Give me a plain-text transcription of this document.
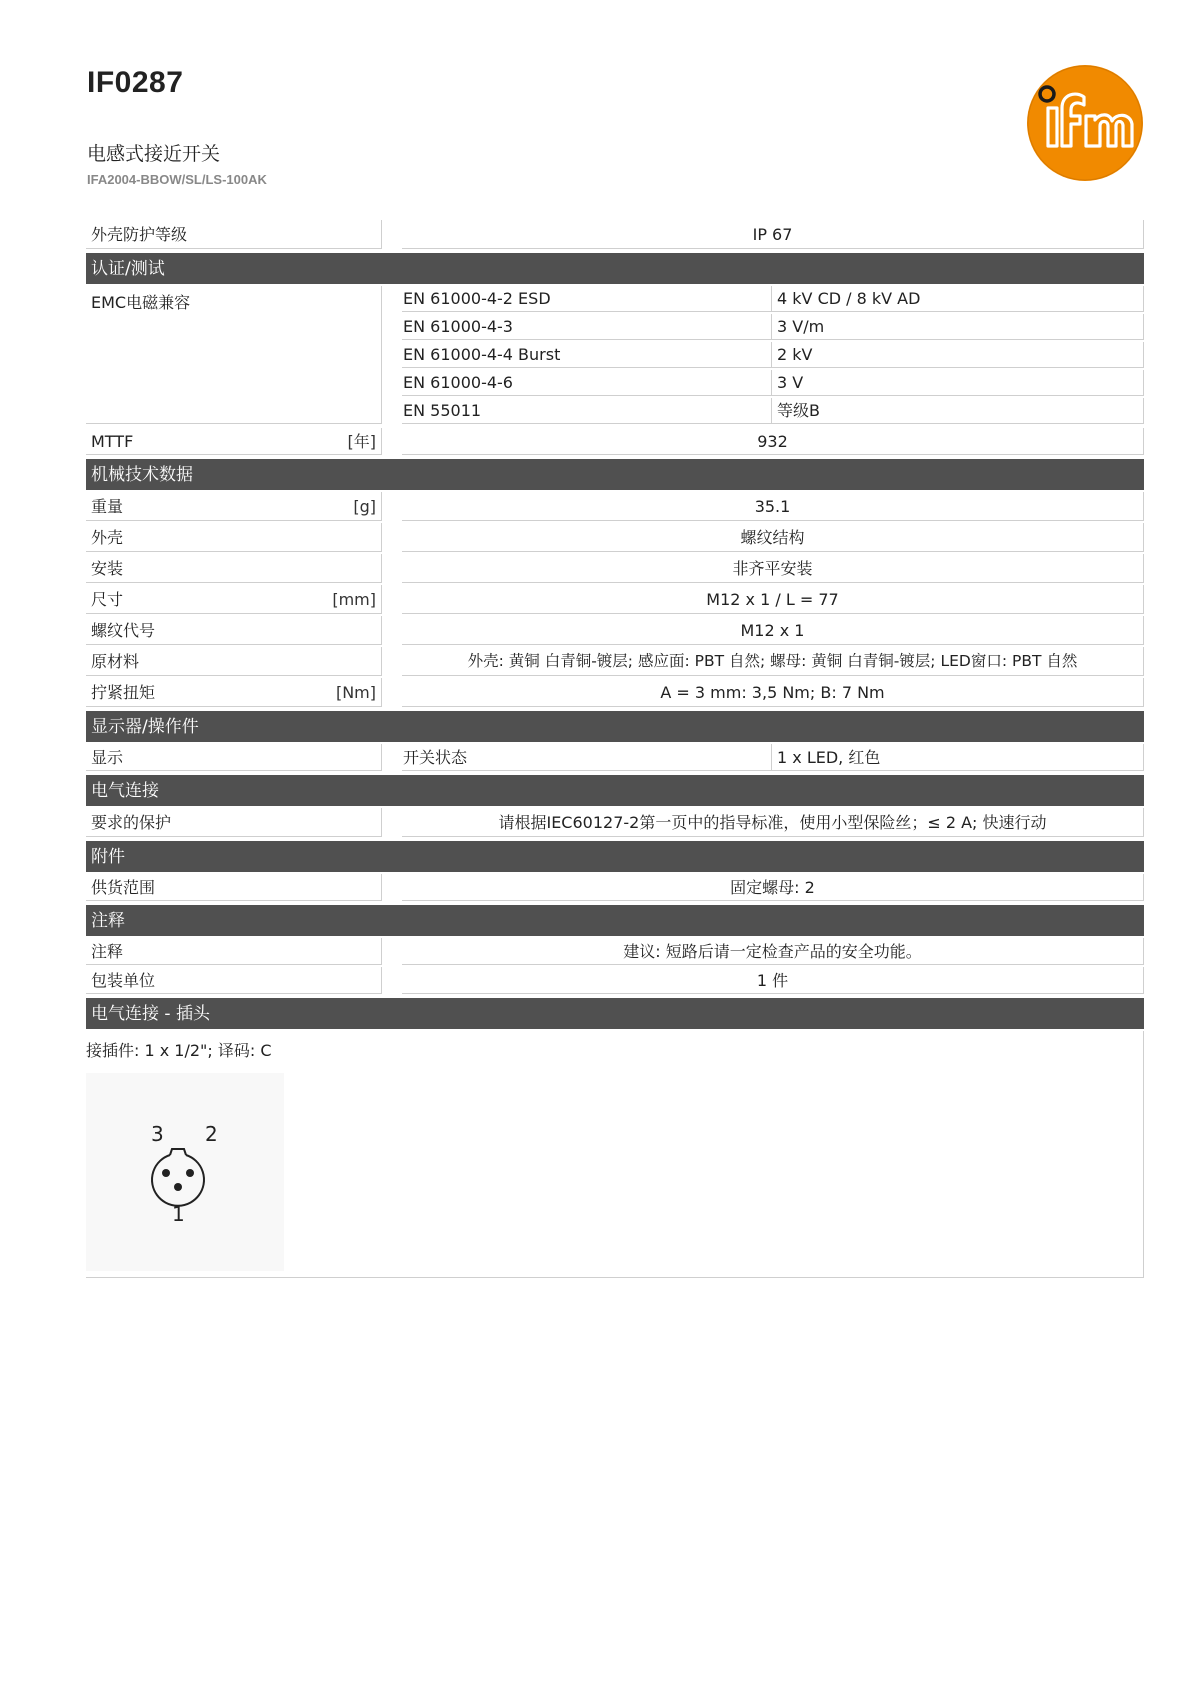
IF0287
电感式接近开关
IFA2004-BBOW/SL/LS-100AK
外壳防护等级	IP 67
认证/测试
EMC电磁兼容	EN 61000-4-2 ESD	4 kV CD / 8 kV AD
EN 61000-4-3	3 V/m
EN 61000-4-4 Burst	2 kV
EN 61000-4-6	3 V
EN 55011	等级B
MTTF	[年]	932
机械技术数据
重量	[g]	35.1
外壳	螺纹结构
安装	非齐平安装
尺寸	[mm]	M12 x 1 / L = 77
螺纹代号	M12 x 1
原材料	外壳: 黄铜 白青铜-镀层; 感应面: PBT 自然; 螺母: 黄铜 白青铜-镀层; LED窗口: PBT 自然
拧紧扭矩	[Nm]	A = 3 mm: 3,5 Nm; B: 7 Nm
显示器/操作件
显示	开关状态	1 x LED, 红色
电气连接
要求的保护	请根据IEC60127-2第一页中的指导标准，使用小型保险丝；≤ 2 A; 快速行动
附件
供货范围	固定螺母: 2
注释
注释	建议: 短路后请一定检查产品的安全功能。
包装单位	1 件
电气连接 - 插头
接插件: 1 x 1/2"; 译码: C
3 2
1
